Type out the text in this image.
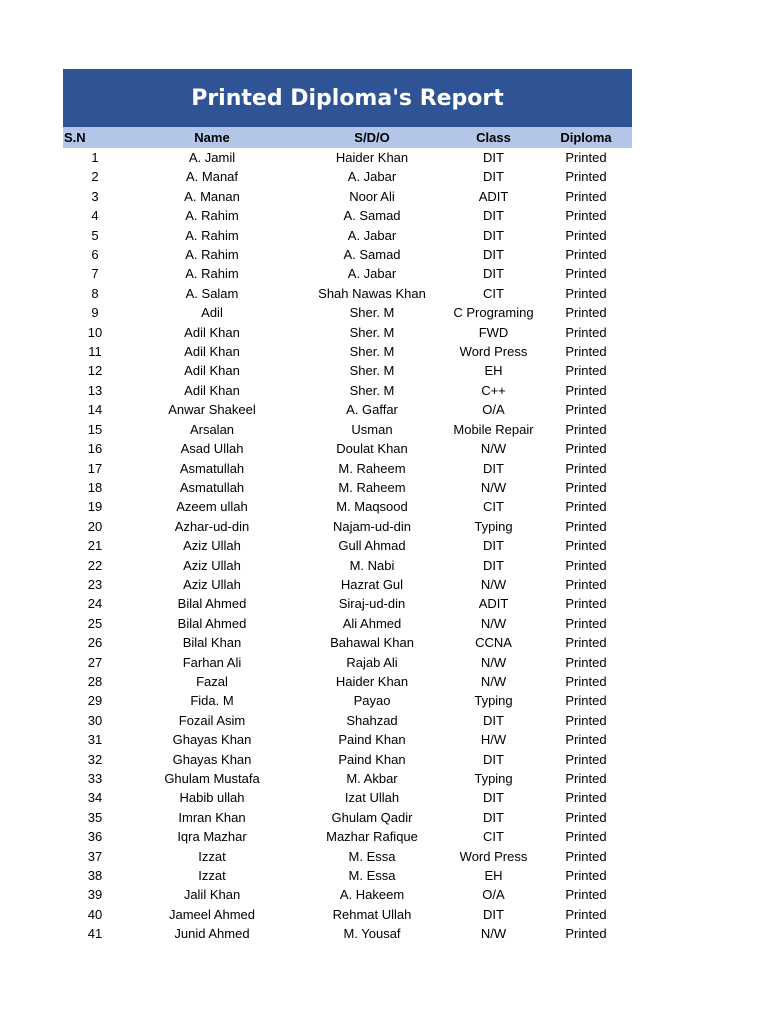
Printed Diploma's Report
S.N	Name	S/D/O	Class	Diploma
1	A. Jamil	Haider Khan	DIT	Printed
2	A. Manaf	A. Jabar	DIT	Printed
3	A. Manan	Noor Ali	ADIT	Printed
4	A. Rahim	A. Samad	DIT	Printed
5	A. Rahim	A. Jabar	DIT	Printed
6	A. Rahim	A. Samad	DIT	Printed
7	A. Rahim	A. Jabar	DIT	Printed
8	A. Salam	Shah Nawas Khan	CIT	Printed
9	Adil	Sher. M	C Programing	Printed
10	Adil Khan	Sher. M	FWD	Printed
11	Adil Khan	Sher. M	Word Press	Printed
12	Adil Khan	Sher. M	EH	Printed
13	Adil Khan	Sher. M	C++	Printed
14	Anwar Shakeel	A. Gaffar	O/A	Printed
15	Arsalan	Usman	Mobile Repair	Printed
16	Asad Ullah	Doulat Khan	N/W	Printed
17	Asmatullah	M. Raheem	DIT	Printed
18	Asmatullah	M. Raheem	N/W	Printed
19	Azeem ullah	M. Maqsood	CIT	Printed
20	Azhar-ud-din	Najam-ud-din	Typing	Printed
21	Aziz Ullah	Gull Ahmad	DIT	Printed
22	Aziz Ullah	M. Nabi	DIT	Printed
23	Aziz Ullah	Hazrat Gul	N/W	Printed
24	Bilal Ahmed	Siraj-ud-din	ADIT	Printed
25	Bilal Ahmed	Ali Ahmed	N/W	Printed
26	Bilal Khan	Bahawal Khan	CCNA	Printed
27	Farhan Ali	Rajab Ali	N/W	Printed
28	Fazal	Haider Khan	N/W	Printed
29	Fida. M	Payao	Typing	Printed
30	Fozail Asim	Shahzad	DIT	Printed
31	Ghayas Khan	Paind Khan	H/W	Printed
32	Ghayas Khan	Paind Khan	DIT	Printed
33	Ghulam Mustafa	M. Akbar	Typing	Printed
34	Habib ullah	Izat Ullah	DIT	Printed
35	Imran Khan	Ghulam Qadir	DIT	Printed
36	Iqra Mazhar	Mazhar Rafique	CIT	Printed
37	Izzat	M. Essa	Word Press	Printed
38	Izzat	M. Essa	EH	Printed
39	Jalil Khan	A. Hakeem	O/A	Printed
40	Jameel Ahmed	Rehmat Ullah	DIT	Printed
41	Junid Ahmed	M. Yousaf	N/W	Printed
